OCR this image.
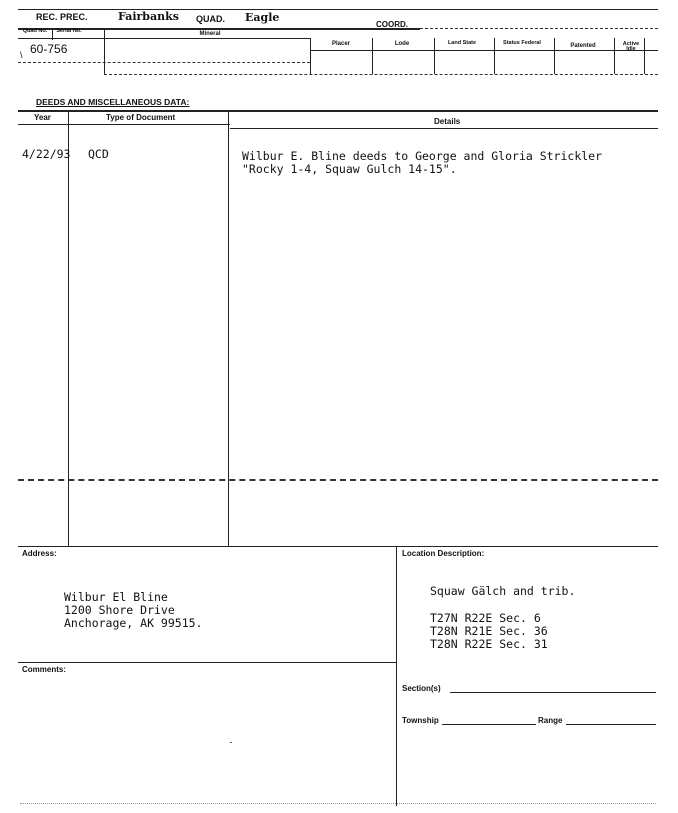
REC. PREC.	Fairbanks QUAD. Eagle
COORD.
Quad No. Serial No.	Mineral
Placer	Lode	Land State	Status Federal	Patented	Active Idle
60-756
\
DEEDS AND MISCELLANEOUS DATA:
Year	Type of Document	Details
4/22/93 QCD	Wilbur E. Bline deeds to George and Gloria Strickler
"Rocky 1-4, Squaw Gulch 14-15".
Address:
Wilbur El Bline
1200 Shore Drive
Anchorage, AK 99515.
Location Description:
Squaw Gälch and trib.
T27N R22E Sec. 6
T28N R21E Sec. 36
T28N R22E Sec. 31
Comments:
Section(s)
Township	Range
